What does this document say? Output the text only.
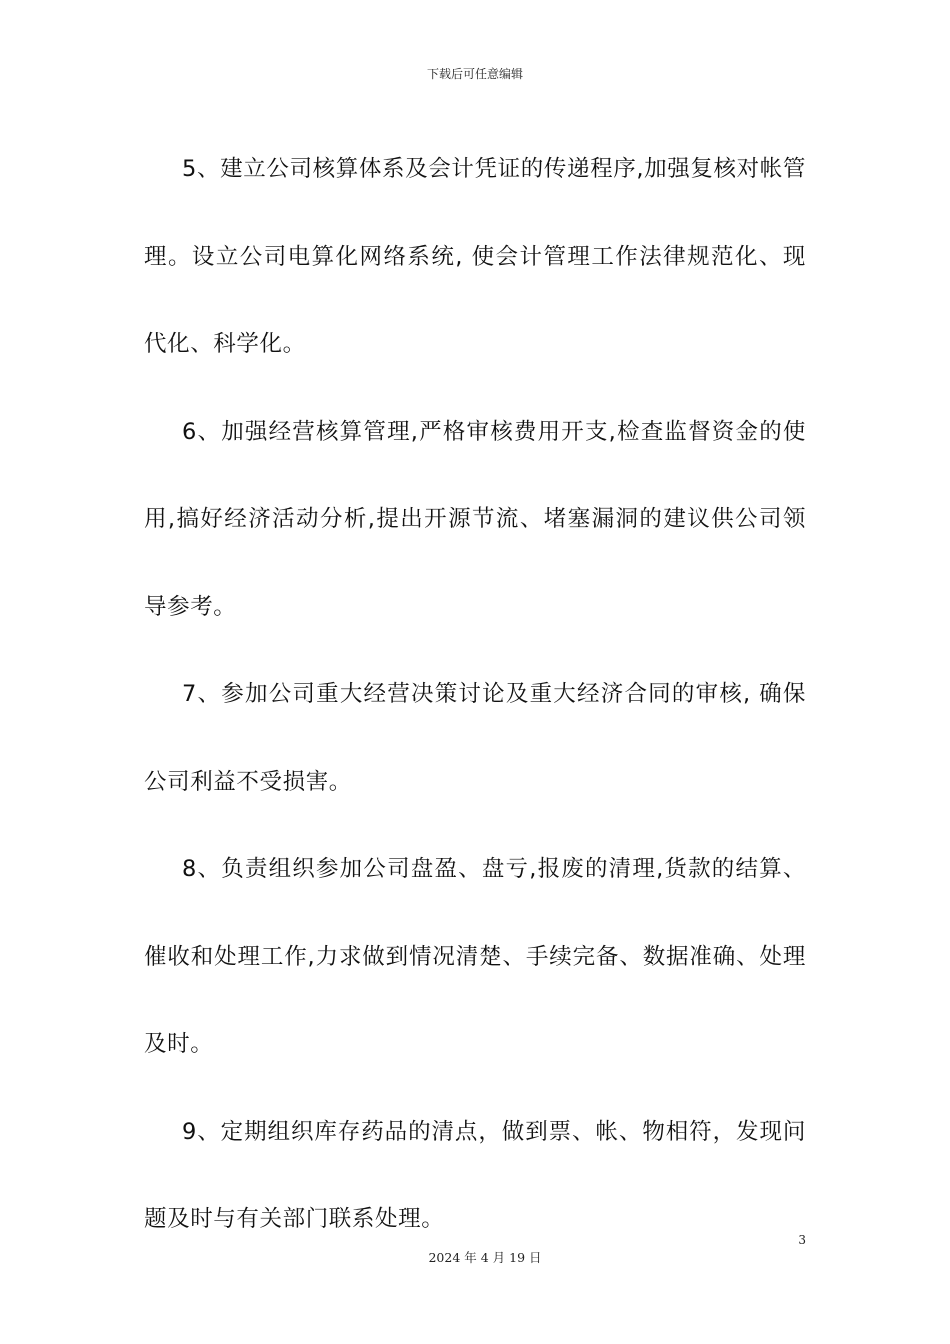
下载后可任意编辑

5、建立公司核算体系及会计凭证的传递程序,加强复核对帐管理。设立公司电算化网络系统, 使会计管理工作法律规范化、现代化、科学化。

6、加强经营核算管理,严格审核费用开支,检查监督资金的使用,搞好经济活动分析,提出开源节流、堵塞漏洞的建议供公司领导参考。

7、参加公司重大经营决策讨论及重大经济合同的审核, 确保公司利益不受损害。

8、负责组织参加公司盘盈、盘亏,报废的清理,货款的结算、催收和处理工作,力求做到情况清楚、手续完备、数据准确、处理及时。

9、定期组织库存药品的清点，做到票、帐、物相符，发现问题及时与有关部门联系处理。

3
2024 年 4 月 19 日
